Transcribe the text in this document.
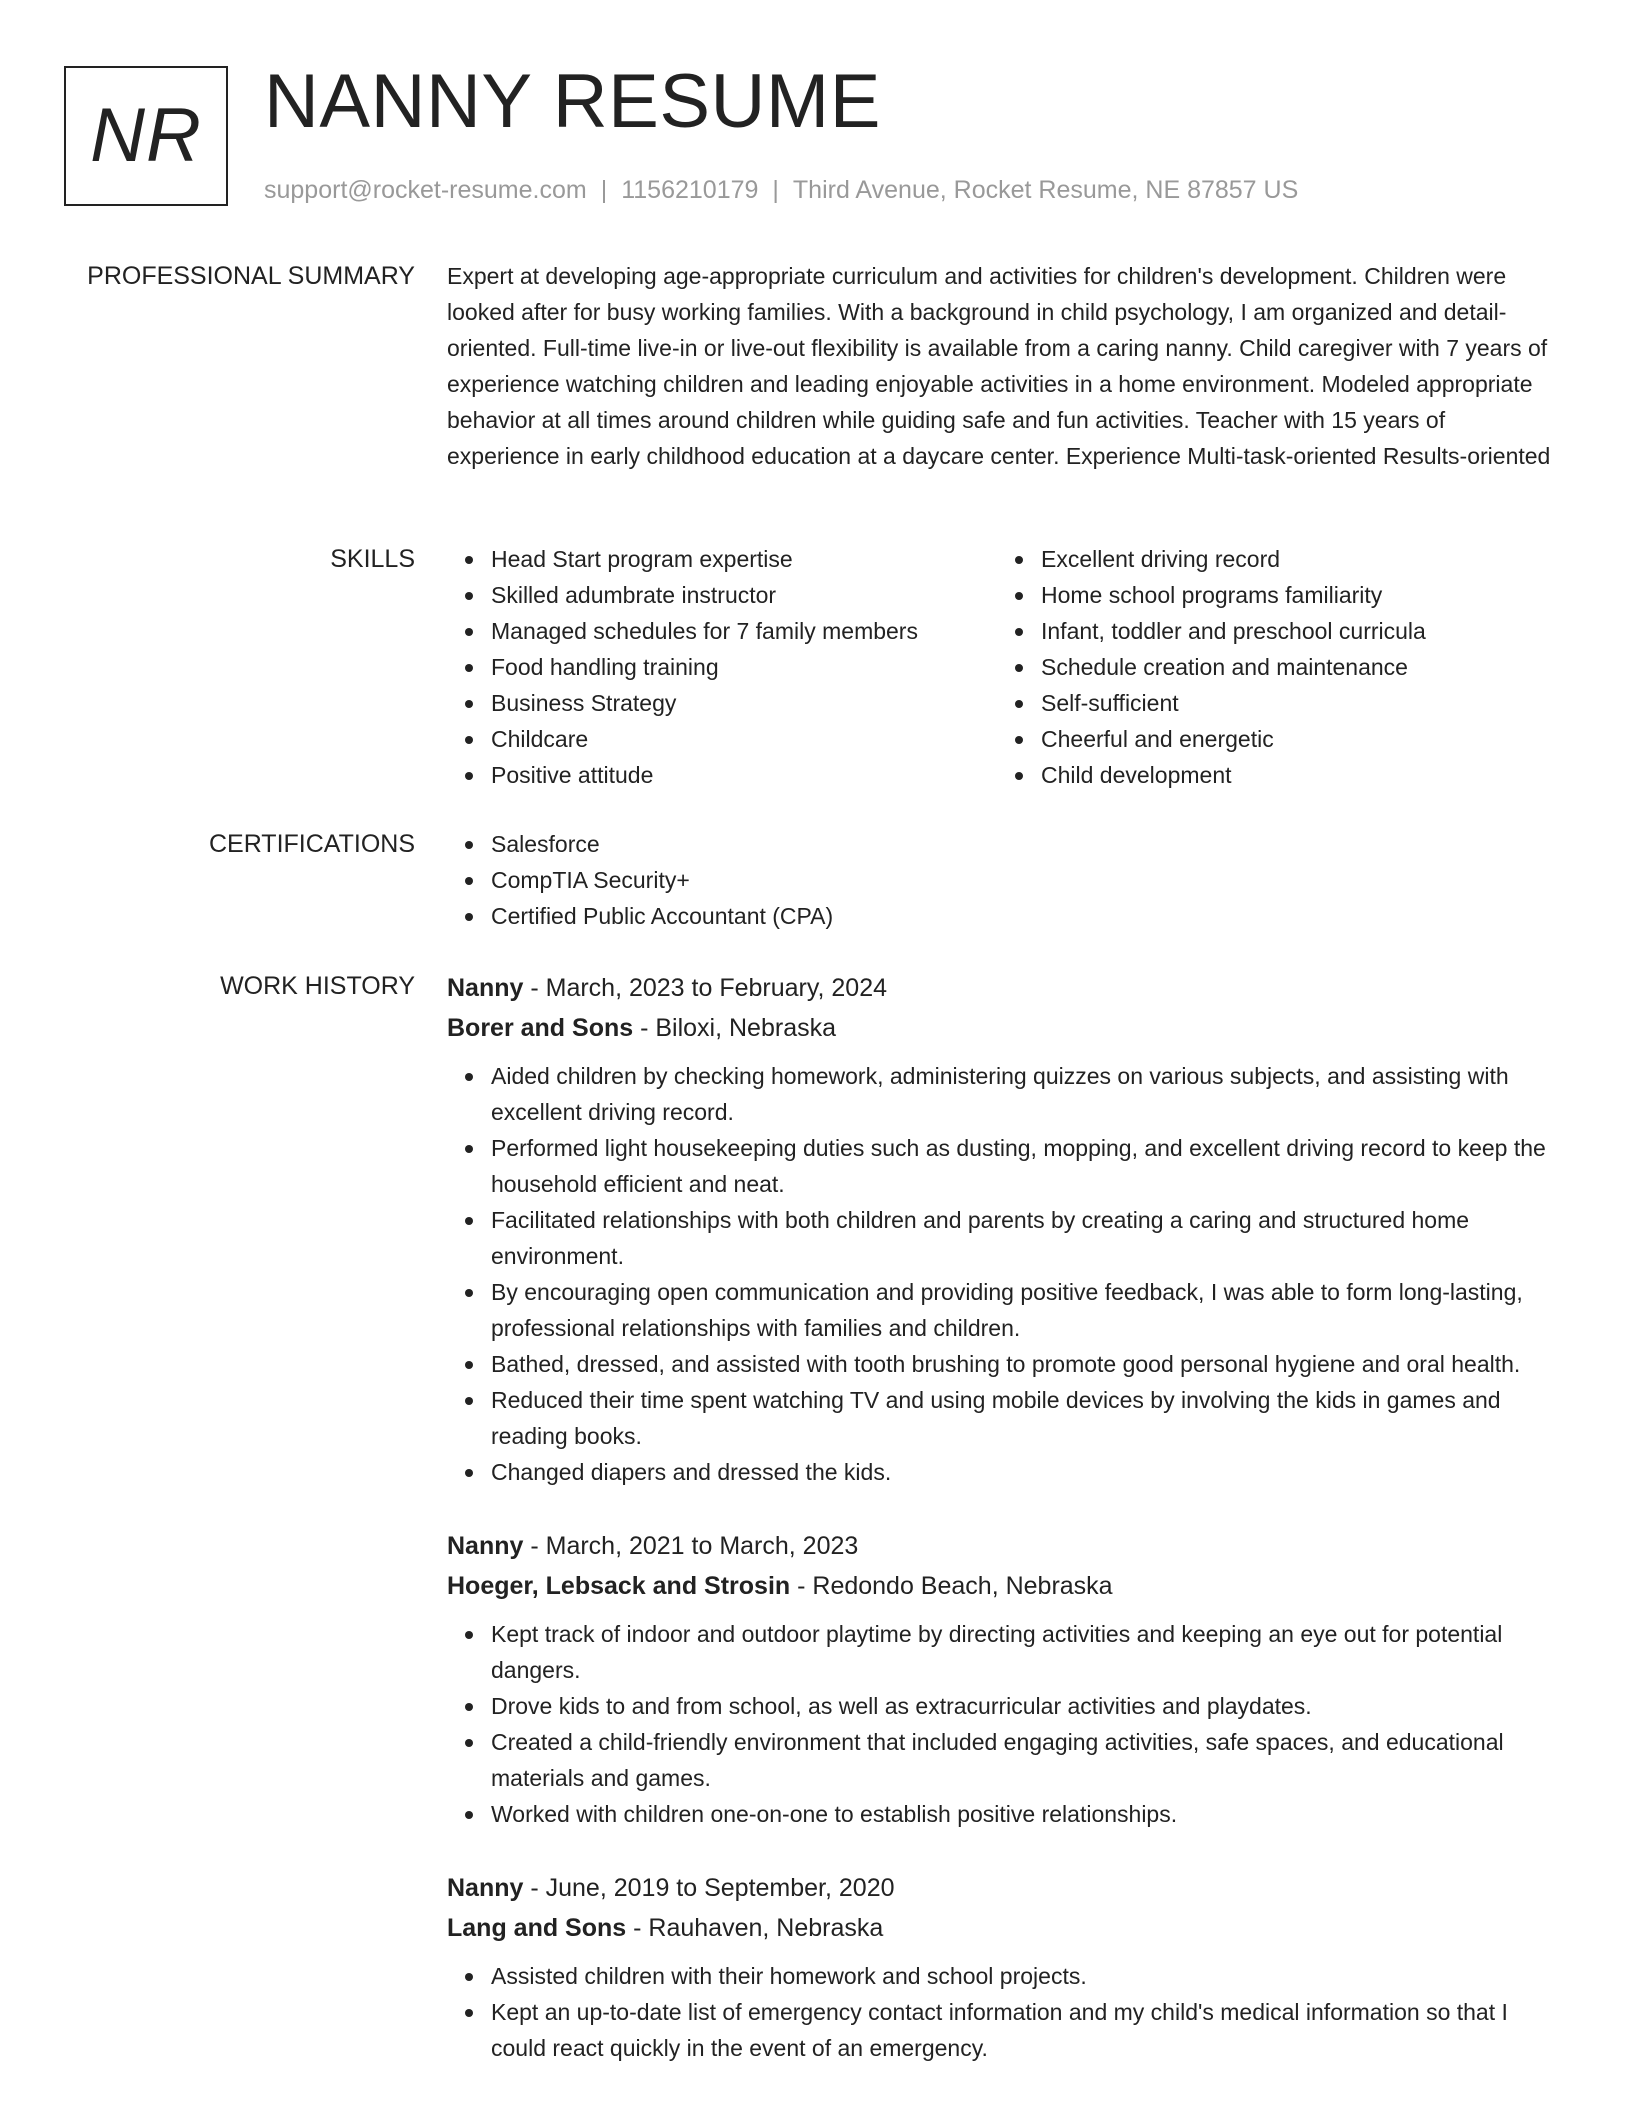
NR NANNY RESUME
support@rocket-resume.com | 1156210179 | Third Avenue, Rocket Resume, NE 87857 US
PROFESSIONAL SUMMARY Expert at developing age-appropriate curriculum and activities for children's development. Children were looked after for busy working families. With a background in child psychology, I am organized and detail-oriented. Full-time live-in or live-out flexibility is available from a caring nanny. Child caregiver with 7 years of experience watching children and leading enjoyable activities in a home environment. Modeled appropriate behavior at all times around children while guiding safe and fun activities. Teacher with 15 years of experience in early childhood education at a daycare center. Experience Multi-task-oriented Results-oriented

SKILLS	Head Start program expertise
Skilled adumbrate instructor
Managed schedules for 7 family members
Food handling training
Business Strategy
Childcare
Positive attitude
Excellent driving record
Home school programs familiarity
Infant, toddler and preschool curricula
Schedule creation and maintenance
Self-sufficient
Cheerful and energetic
Child development
CERTIFICATIONS	Salesforce
CompTIA Security+
Certified Public Accountant (CPA)
WORK HISTORY Nanny - March, 2023 to February, 2024
Borer and Sons - Biloxi, Nebraska
Aided children by checking homework, administering quizzes on various subjects, and assisting with excellent driving record.
Performed light housekeeping duties such as dusting, mopping, and excellent driving record to keep the household efficient and neat.
Facilitated relationships with both children and parents by creating a caring and structured home environment.
By encouraging open communication and providing positive feedback, I was able to form long-lasting, professional relationships with families and children.
Bathed, dressed, and assisted with tooth brushing to promote good personal hygiene and oral health.
Reduced their time spent watching TV and using mobile devices by involving the kids in games and reading books.
Changed diapers and dressed the kids.
Nanny - March, 2021 to March, 2023
Hoeger, Lebsack and Strosin - Redondo Beach, Nebraska
Kept track of indoor and outdoor playtime by directing activities and keeping an eye out for potential dangers.
Drove kids to and from school, as well as extracurricular activities and playdates.
Created a child-friendly environment that included engaging activities, safe spaces, and educational materials and games.
Worked with children one-on-one to establish positive relationships.
Nanny - June, 2019 to September, 2020
Lang and Sons - Rauhaven, Nebraska
Assisted children with their homework and school projects.
Kept an up-to-date list of emergency contact information and my child's medical information so that I could react quickly in the event of an emergency.
